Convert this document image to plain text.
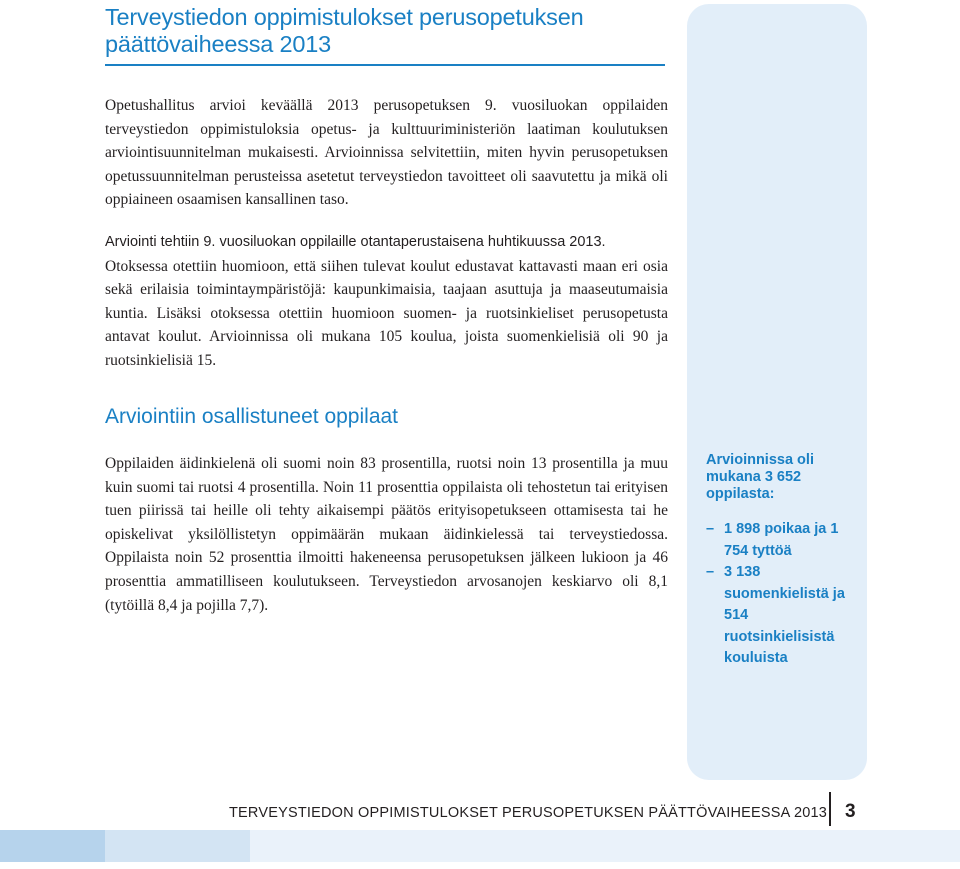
Terveystiedon oppimistulokset perusopetuksen päättövaiheessa 2013

Opetushallitus arvioi keväällä 2013 perusopetuksen 9. vuosiluokan oppilaiden terveystiedon oppimistuloksia opetus- ja kulttuuriministeriön laatiman koulutuksen arviointisuunnitelman mukaisesti. Arvioinnissa selvitettiin, miten hyvin perusopetuksen opetussuunnitelman perusteissa asetetut terveystiedon tavoitteet oli saavutettu ja mikä oli oppiaineen osaamisen kansallinen taso.

Arviointi tehtiin 9. vuosiluokan oppilaille otantaperustaisena huhtikuussa 2013.
Otoksessa otettiin huomioon, että siihen tulevat koulut edustavat kattavasti maan eri osia sekä erilaisia toimintaympäristöjä: kaupunkimaisia, taajaan asuttuja ja maaseutumaisia kuntia. Lisäksi otoksessa otettiin huomioon suomen- ja ruotsinkieliset perusopetusta antavat koulut. Arvioinnissa oli mukana 105 koulua, joista suomenkielisiä oli 90 ja ruotsinkielisiä 15.

Arviointiin osallistuneet oppilaat

Oppilaiden äidinkielenä oli suomi noin 83 prosentilla, ruotsi noin 13 prosentilla ja muu kuin suomi tai ruotsi 4 prosentilla. Noin 11 prosenttia oppilaista oli tehostetun tai erityisen tuen piirissä tai heille oli tehty aikaisempi päätös erityisopetukseen ottamisesta tai he opiskelivat yksilöllistetyn oppimäärän mukaan äidinkielessä tai terveystiedossa. Oppilaista noin 52 prosenttia ilmoitti hakeneensa perusopetuksen jälkeen lukioon ja 46 prosenttia ammatilliseen koulutukseen. Terveystiedon arvosanojen keskiarvo oli 8,1 (tytöillä 8,4 ja pojilla 7,7).

Arvioinnissa oli mukana 3 652 oppilasta:
– 1 898 poikaa ja 1 754 tyttöä
– 3 138 suomenkielistä ja 514 ruotsinkielisistä kouluista
TERVEYSTIEDON OPPIMISTULOKSET PERUSOPETUKSEN PÄÄTTÖVAIHEESSA 2013 3
